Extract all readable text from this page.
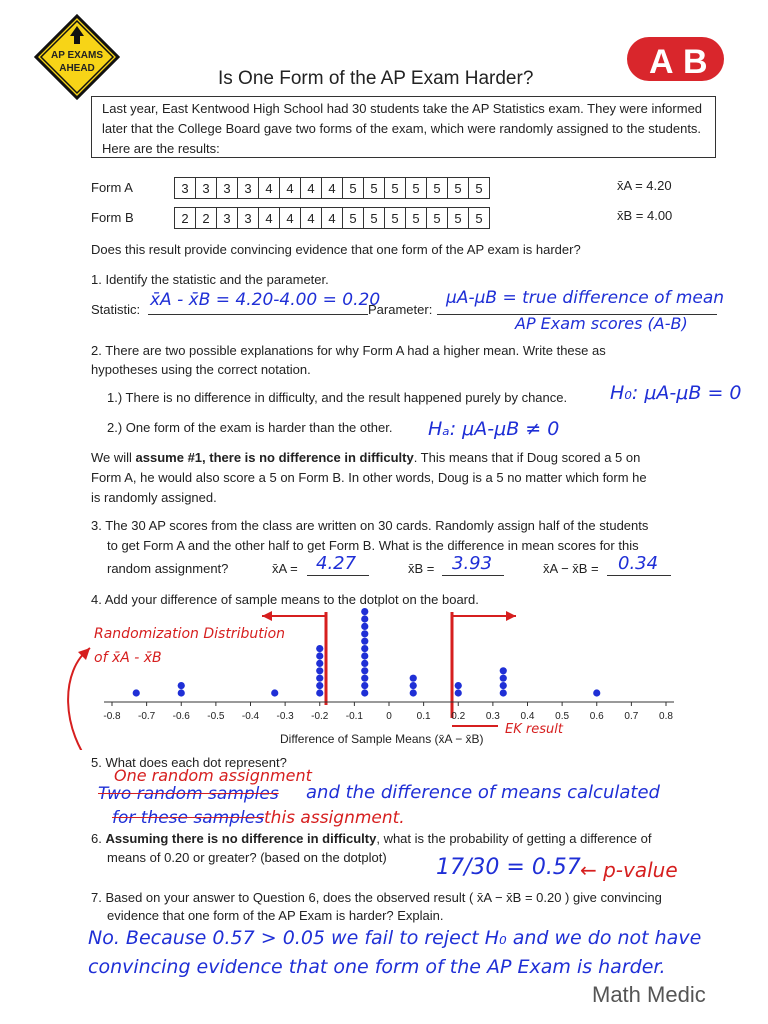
AP EXAMS
AHEAD	A B
Is One Form of the AP Exam Harder?
Last year, East Kentwood High School had 30 students take the AP Statistics exam. They were informed later that the College Board gave two forms of the exam, which were randomly assigned to the students. Here are the results:
Form A	3	3	3	3	4	4	4	4	5	5	5	5	5	5	5	x̄A = 4.20
Form B	2	2	3	3	4	4	4	4	5	5	5	5	5	5	5	x̄B = 4.00
Does this result provide convincing evidence that one form of the AP exam is harder?
1. Identify the statistic and the parameter.
Statistic: x̄A - x̄B = 4.20-4.00 = 0.20
Parameter:
μA-μB = true difference of mean
AP Exam scores (A-B)
2. There are two possible explanations for why Form A had a higher mean. Write these as
hypotheses using the correct notation.
1.) There is no difference in difficulty, and the result happened purely by chance. H₀: μA-μB = 0
2.) One form of the exam is harder than the other. Hₐ: μA-μB ≠ 0
We will assume #1, there is no difference in difficulty. This means that if Doug scored a 5 on
Form A, he would also score a 5 on Form B. In other words, Doug is a 5 no matter which form he
is randomly assigned.
3. The 30 AP scores from the class are written on 30 cards. Randomly assign half of the students
to get Form A and the other half to get Form B. What is the difference in mean scores for this
random assignment?	x̄A = 4.27	x̄B = 3.93	x̄A − x̄B = 0.34
4. Add your difference of sample means to the dotplot on the board.
Randomization Distribution
of x̄A - x̄B
-0.8 -0.7 -0.6 -0.5 -0.4 -0.3 -0.2 -0.1 0 0.1 0.2 0.3 0.4 0.5 0.6 0.7 0.8
Difference of Sample Means (x̄A − x̄B)
EK result
5. What does each dot represent?
One random assignment
Two random samples and the difference of means calculated
for these samples this assignment.
6. Assuming there is no difference in difficulty, what is the probability of getting a difference of
means of 0.20 or greater? (based on the dotplot) 17/30 = 0.57 ← p-value
7. Based on your answer to Question 6, does the observed result ( x̄A − x̄B = 0.20 ) give convincing
evidence that one form of the AP Exam is harder? Explain.
No. Because 0.57 > 0.05 we fail to reject H₀ and we do not have
convincing evidence that one form of the AP Exam is harder.
Math Medic
